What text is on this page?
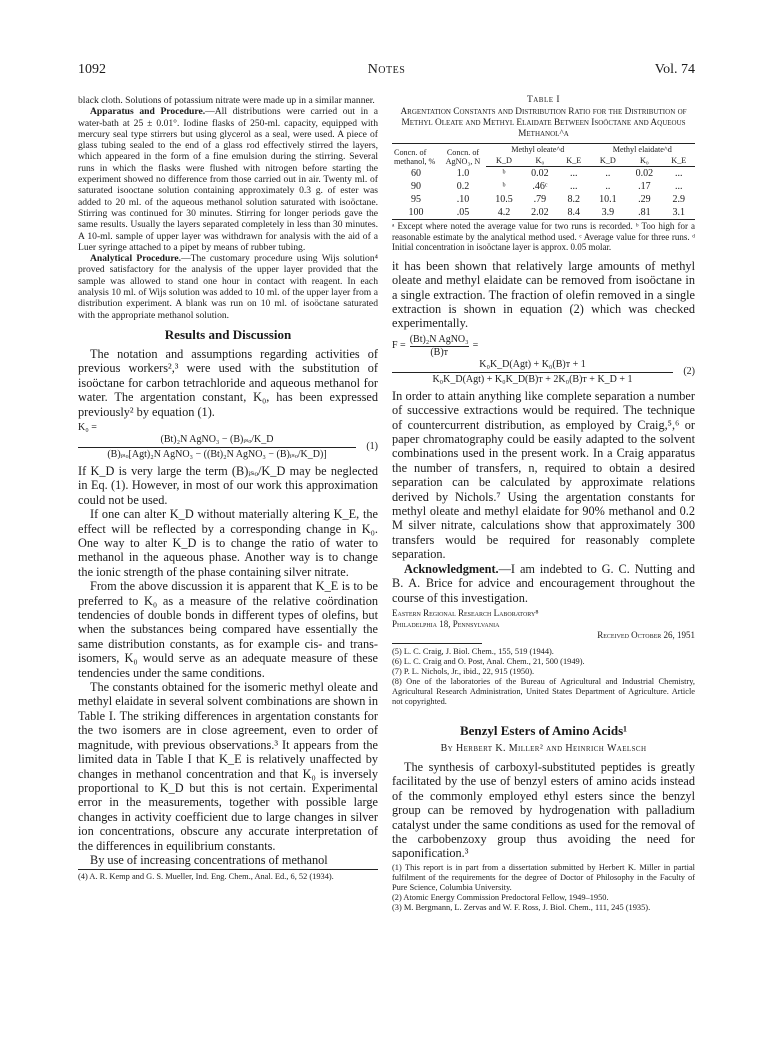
1092	Notes	Vol. 74

black cloth. Solutions of potassium nitrate were made up in a similar manner.

Apparatus and Procedure.—All distributions were carried out in a water-bath at 25 ± 0.01°. Iodine flasks of 250-ml. capacity, equipped with mercury seal type stirrers but using glycerol as a seal, were used. A piece of glass tubing sealed to the end of a glass rod effectively stirred the layers, which appeared in the form of a fine emulsion during the stirring. Several runs in which the flasks were flushed with nitrogen before starting the experiment showed no difference from those carried out in air. Twenty ml. of saturated isooctane solution containing approximately 0.3 g. of ester was added to 20 ml. of the aqueous methanol solution saturated with isoöctane. Stirring was continued for 30 minutes. Stirring for longer periods gave the same results. Usually the layers separated completely in less than 30 minutes. A 10-ml. sample of upper layer was withdrawn for analysis with the aid of a Luer syringe attached to a pipet by means of rubber tubing.

Analytical Procedure.—The customary procedure using Wijs solution⁴ proved satisfactory for the analysis of the upper layer provided that the sample was allowed to stand one hour in contact with reagent. In each analysis 10 ml. of Wijs solution was added to 10 ml. of the upper layer from a distribution experiment. A blank was run on 10 ml. of isoöctane saturated with the appropriate methanol solution.

Results and Discussion

The notation and assumptions regarding activities of previous workers²,³ were used with the substitution of isoöctane for carbon tetrachloride and aqueous methanol for water. The argentation constant, K₀, has been expressed previously² by equation (1).

K₀ =
(Bt)₂N AgNO₃ − (B)ᵢₛₒ/K_D
(B)ᵢₛₒ[Agt)₂N AgNO₃ − ((Bt)₂N AgNO₃ − (B)ᵢₛₒ/K_D)]
(1)

If K_D is very large the term (B)ᵢₛₒ/K_D may be neglected in Eq. (1). However, in most of our work this approximation could not be used.

If one can alter K_D without materially altering K_E, the effect will be reflected by a corresponding change in K₀. One way to alter K_D is to change the ratio of water to methanol in the aqueous phase. Another way is to change the ionic strength of the phase containing silver nitrate.

From the above discussion it is apparent that K_E is to be preferred to K₀ as a measure of the relative coördination tendencies of double bonds in different types of olefins, but when the substances being compared have essentially the same distribution constants, as for example cis- and trans-isomers, K₀ would serve as an adequate measure of these tendencies under the same conditions.

The constants obtained for the isomeric methyl oleate and methyl elaidate in several solvent combinations are shown in Table I. The striking differences in argentation constants for the two isomers are in close agreement, even to order of magnitude, with previous observations.³ It appears from the limited data in Table I that K_E is relatively unaffected by changes in methanol concentration and that K₀ is inversely proportional to K_D but this is not certain. Experimental error in the measurements, together with possible large changes in activity coefficient due to large changes in silver ion concentrations, obscure any accurate interpretation of the differences in equilibrium constants.

By use of increasing concentrations of methanol

(4) A. R. Kemp and G. S. Mueller, Ind. Eng. Chem., Anal. Ed., 6, 52 (1934).

Table I
Argentation Constants and Distribution Ratio for the Distribution of Methyl Oleate and Methyl Elaidate Between Isoöctane and Aqueous Methanol^a
Concn. of methanol, %	Concn. of AgNO₃, N	Methyl oleate^d			Methyl elaidate^d		
		K_D	K₀	K_E	K_D	K₀	K_E
60	1.0	ᵇ	0.02	...	..	0.02	...
90	0.2	ᵇ	.46ᶜ	...	..	.17	...
95	.10	10.5	.79	8.2	10.1	.29	2.9
100	.05	4.2	2.02	8.4	3.9	.81	3.1

ᵃ Except where noted the average value for two runs is recorded. ᵇ Too high for a reasonable estimate by the analytical method used. ᶜ Average value for three runs. ᵈ Initial concentration in isoöctane layer is approx. 0.05 molar.

it has been shown that relatively large amounts of methyl oleate and methyl elaidate can be removed from isoöctane in a single extraction. The fraction of olefin removed in a single extraction is shown in equation (2) which was checked experimentally.

F =
(Bt)₂N AgNO₃
(B)ᴛ
=
K₀K_D(Agt) + K₀(B)ᴛ + 1
K₀K_D(Agt) + K₀K_D(B)ᴛ + 2K₀(B)ᴛ + K_D + 1
(2)

In order to attain anything like complete separation a number of successive extractions would be required. The technique of countercurrent distribution, as employed by Craig,⁵,⁶ or paper chromatography could be easily adapted to the solvent combinations used in the present work. In a Craig apparatus the number of transfers, n, required to obtain a desired separation can be calculated by approximate relations derived by Nichols.⁷ Using the argentation constants for methyl oleate and methyl elaidate for 90% methanol and 0.2 M silver nitrate, calculations show that approximately 300 transfers would be required for reasonably complete separation.

Acknowledgment.—I am indebted to G. C. Nutting and B. A. Brice for advice and encouragement throughout the course of this investigation.

Eastern Regional Research Laboratory⁸
Philadelphia 18, Pennsylvania
Received October 26, 1951

(5) L. C. Craig, J. Biol. Chem., 155, 519 (1944).

(6) L. C. Craig and O. Post, Anal. Chem., 21, 500 (1949).

(7) P. L. Nichols, Jr., ibid., 22, 915 (1950).

(8) One of the laboratories of the Bureau of Agricultural and Industrial Chemistry, Agricultural Research Administration, United States Department of Agriculture. Article not copyrighted.

Benzyl Esters of Amino Acids¹
By Herbert K. Miller² and Heinrich Waelsch

The synthesis of carboxyl-substituted peptides is greatly facilitated by the use of benzyl esters of amino acids instead of the commonly employed ethyl esters since the benzyl group can be removed by hydrogenation with palladium catalyst under the same conditions as used for the removal of the carbobenzoxy group thus avoiding the need for saponification.³

(1) This report is in part from a dissertation submitted by Herbert K. Miller in partial fulfilment of the requirements for the degree of Doctor of Philosophy in the Faculty of Pure Science, Columbia University.

(2) Atomic Energy Commission Predoctoral Fellow, 1949–1950.

(3) M. Bergmann, L. Zervas and W. F. Ross, J. Biol. Chem., 111, 245 (1935).
